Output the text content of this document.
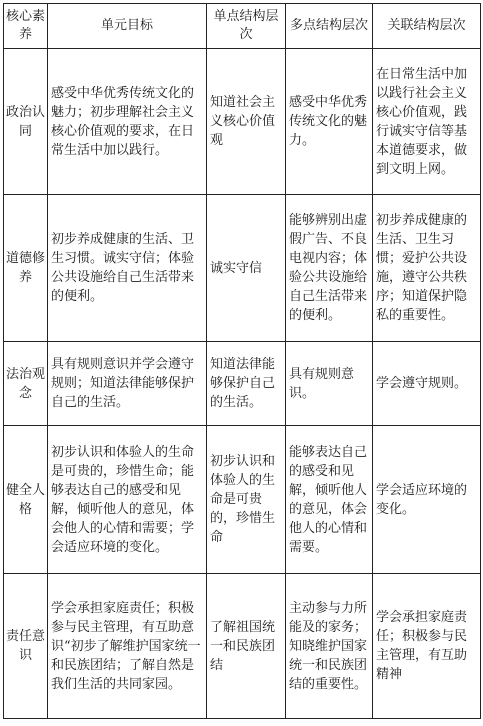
核心素养	单元目标	单点结构层次	多点结构层次	关联结构层次
政治认同	感受中华优秀传统文化的魅力；初步理解社会主义核心价值观的要求，在日常生活中加以践行。	知道社会主义核心价值观	感受中华优秀传统文化的魅力。	在日常生活中加以践行社会主义核心价值观，践行诚实守信等基本道德要求，做到文明上网。
道德修养	初步养成健康的生活、卫生习惯。诚实守信；体验公共设施给自己生活带来的便利。	诚实守信	能够辨别出虚假广告、不良电视内容；体验公共设施给自己生活带来的便利。	初步养成健康的生活、卫生习惯；爱护公共设施，遵守公共秩序；知道保护隐私的重要性。
法治观念	具有规则意识并学会遵守规则；知道法律能够保护自己的生活。	知道法律能够保护自己的生活。	具有规则意识。	学会遵守规则。
健全人格	初步认识和体验人的生命是可贵的，珍惜生命；能够表达自己的感受和见解，倾听他人的意见，体会他人的心情和需要；学会适应环境的变化。	初步认识和体验人的生命是可贵的，珍惜生命	能够表达自己的感受和见解，倾听他人的意见，体会他人的心情和需要。	学会适应环境的变化。
责任意识	学会承担家庭责任；积极参与民主管理，有互助意识“初步了解维护国家统一和民族团结；了解自然是我们生活的共同家园。	了解祖国统一和民族团结	主动参与力所能及的家务；知晓维护国家统一和民族团结的重要性。	学会承担家庭责任；积极参与民主管理，有互助精神
